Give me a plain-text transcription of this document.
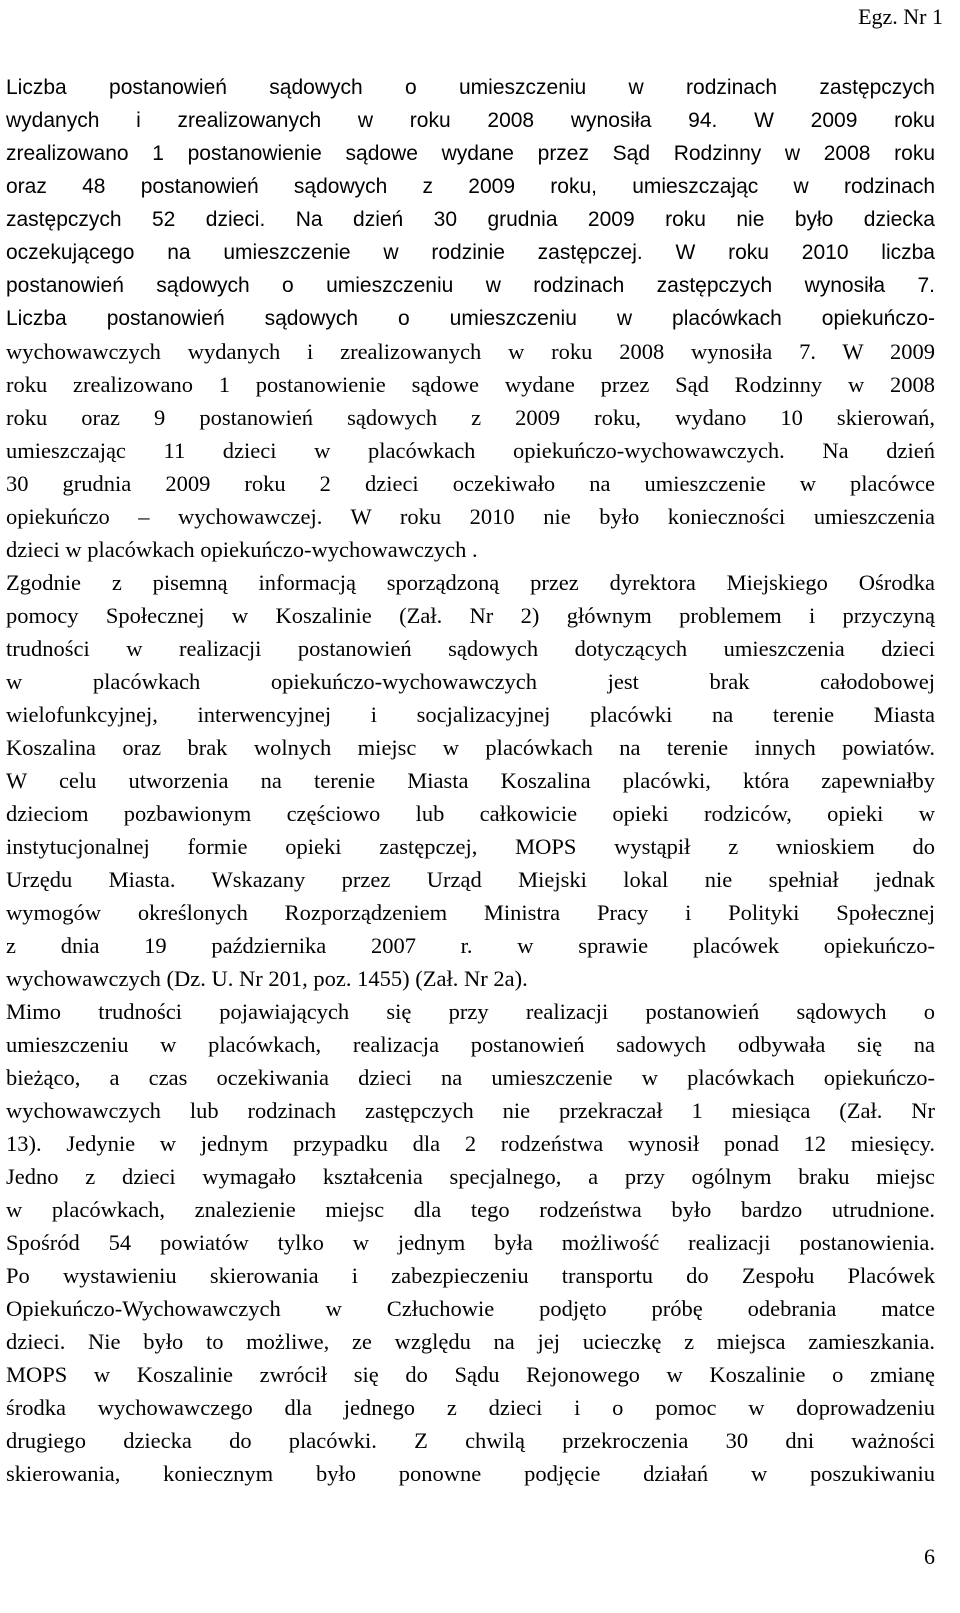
Egz. Nr 1
Liczba postanowień sądowych o umieszczeniu w rodzinach zastępczych
wydanych i zrealizowanych w roku 2008 wynosiła 94. W 2009 roku
zrealizowano 1 postanowienie sądowe wydane przez Sąd Rodzinny w 2008 roku
oraz 48 postanowień sądowych z 2009 roku, umieszczając w rodzinach
zastępczych 52 dzieci. Na dzień 30 grudnia 2009 roku nie było dziecka
oczekującego na umieszczenie w rodzinie zastępczej. W roku 2010 liczba
postanowień sądowych o umieszczeniu w rodzinach zastępczych wynosiła 7.
Liczba postanowień sądowych o umieszczeniu w placówkach opiekuńczo-
wychowawczych wydanych i zrealizowanych w roku 2008 wynosiła 7. W 2009
roku zrealizowano 1 postanowienie sądowe wydane przez Sąd Rodzinny w 2008
roku oraz 9 postanowień sądowych z 2009 roku, wydano 10 skierowań,
umieszczając 11 dzieci w placówkach opiekuńczo-wychowawczych. Na dzień
30 grudnia 2009 roku 2 dzieci oczekiwało na umieszczenie w placówce
opiekuńczo – wychowawczej. W roku 2010 nie było konieczności umieszczenia
dzieci w placówkach opiekuńczo-wychowawczych .
Zgodnie z pisemną informacją sporządzoną przez dyrektora Miejskiego Ośrodka
pomocy Społecznej w Koszalinie (Zał. Nr 2) głównym problemem i przyczyną
trudności w realizacji postanowień sądowych dotyczących umieszczenia dzieci
w placówkach opiekuńczo-wychowawczych jest brak całodobowej
wielofunkcyjnej, interwencyjnej i socjalizacyjnej placówki na terenie Miasta
Koszalina oraz brak wolnych miejsc w placówkach na terenie innych powiatów.
W celu utworzenia na terenie Miasta Koszalina placówki, która zapewniałby
dzieciom pozbawionym częściowo lub całkowicie opieki rodziców, opieki w
instytucjonalnej formie opieki zastępczej, MOPS wystąpił z wnioskiem do
Urzędu Miasta. Wskazany przez Urząd Miejski lokal nie spełniał jednak
wymogów określonych Rozporządzeniem Ministra Pracy i Polityki Społecznej
z dnia 19 października 2007 r. w sprawie placówek opiekuńczo-
wychowawczych (Dz. U. Nr 201, poz. 1455) (Zał. Nr 2a).
Mimo trudności pojawiających się przy realizacji postanowień sądowych o
umieszczeniu w placówkach, realizacja postanowień sadowych odbywała się na
bieżąco, a czas oczekiwania dzieci na umieszczenie w placówkach opiekuńczo-
wychowawczych lub rodzinach zastępczych nie przekraczał 1 miesiąca (Zał. Nr
13). Jedynie w jednym przypadku dla 2 rodzeństwa wynosił ponad 12 miesięcy.
Jedno z dzieci wymagało kształcenia specjalnego, a przy ogólnym braku miejsc
w placówkach, znalezienie miejsc dla tego rodzeństwa było bardzo utrudnione.
Spośród 54 powiatów tylko w jednym była możliwość realizacji postanowienia.
Po wystawieniu skierowania i zabezpieczeniu transportu do Zespołu Placówek
Opiekuńczo-Wychowawczych w Człuchowie podjęto próbę odebrania matce
dzieci. Nie było to możliwe, ze względu na jej ucieczkę z miejsca zamieszkania.
MOPS w Koszalinie zwrócił się do Sądu Rejonowego w Koszalinie o zmianę
środka wychowawczego dla jednego z dzieci i o pomoc w doprowadzeniu
drugiego dziecka do placówki. Z chwilą przekroczenia 30 dni ważności
skierowania, koniecznym było ponowne podjęcie działań w poszukiwaniu
6
